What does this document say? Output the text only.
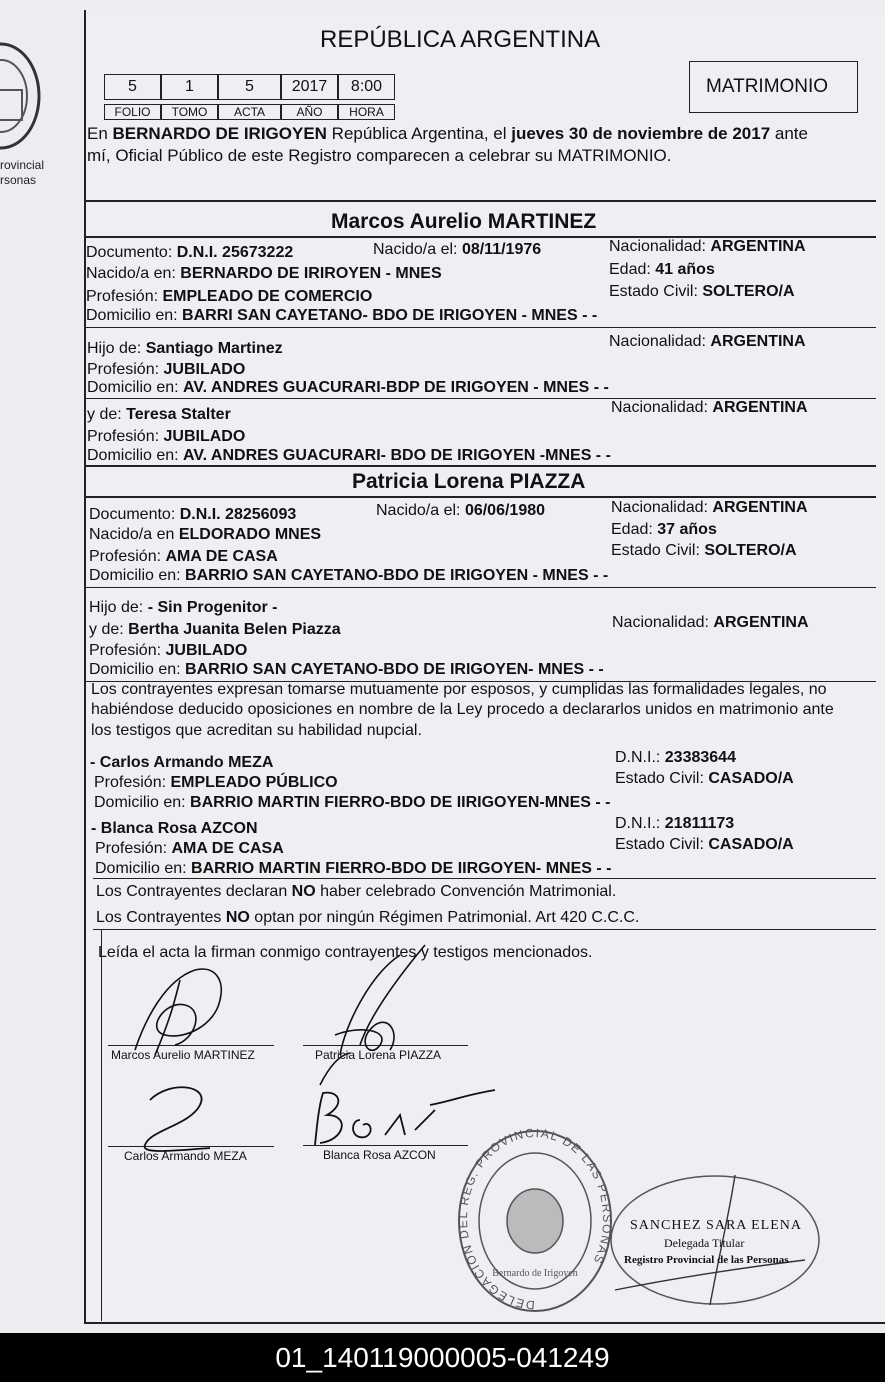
rovincial
rsonas
REPÚBLICA ARGENTINA
MATRIMONIO
5	1	5	2017	8:00
FOLIO	TOMO	ACTA	AÑO	HORA
En BERNARDO DE IRIGOYEN República Argentina, el jueves 30 de noviembre de 2017 ante
mí, Oficial Público de este Registro comparecen a celebrar su MATRIMONIO.
Marcos Aurelio MARTINEZ
Documento: D.N.I. 25673222	Nacido/a el: 08/11/1976	Nacionalidad: ARGENTINA
Nacido/a en: BERNARDO DE IRIROYEN - MNES	Edad: 41 años
Profesión: EMPLEADO DE COMERCIO	Estado Civil: SOLTERO/A
Domicilio en: BARRI SAN CAYETANO- BDO DE IRIGOYEN - MNES - -
Hijo de: Santiago Martinez	Nacionalidad: ARGENTINA
Profesión: JUBILADO
Domicilio en: AV. ANDRES GUACURARI-BDP DE IRIGOYEN - MNES - -
y de: Teresa Stalter	Nacionalidad: ARGENTINA
Profesión: JUBILADO
Domicilio en: AV. ANDRES GUACURARI- BDO DE IRIGOYEN -MNES - -
Patricia Lorena PIAZZA
Documento: D.N.I. 28256093	Nacido/a el: 06/06/1980	Nacionalidad: ARGENTINA
Nacido/a en ELDORADO MNES	Edad: 37 años
Profesión: AMA DE CASA	Estado Civil: SOLTERO/A
Domicilio en: BARRIO SAN CAYETANO-BDO DE IRIGOYEN - MNES - -
Hijo de: - Sin Progenitor -
y de: Bertha Juanita Belen Piazza	Nacionalidad: ARGENTINA
Profesión: JUBILADO
Domicilio en: BARRIO SAN CAYETANO-BDO DE IRIGOYEN- MNES - -
Los contrayentes expresan tomarse mutuamente por esposos, y cumplidas las formalidades legales, no
habiéndose deducido oposiciones en nombre de la Ley procedo a declararlos unidos en matrimonio ante
los testigos que acreditan su habilidad nupcial.
- Carlos Armando MEZA	D.N.I.: 23383644
Profesión: EMPLEADO PÚBLICO	Estado Civil: CASADO/A
Domicilio en: BARRIO MARTIN FIERRO-BDO DE IIRIGOYEN-MNES - -
- Blanca Rosa AZCON	D.N.I.: 21811173
Profesión: AMA DE CASA	Estado Civil: CASADO/A
Domicilio en: BARRIO MARTIN FIERRO-BDO DE IIRGOYEN- MNES - -
Los Contrayentes declaran NO haber celebrado Convención Matrimonial.
Los Contrayentes NO optan por ningún Régimen Patrimonial. Art 420 C.C.C.
Leída el acta la firman conmigo contrayentes y testigos mencionados.
Marcos Aurelio MARTINEZ	Patricia Lorena PIAZZA
Carlos Armando MEZA	Blanca Rosa AZCON
DELEGACION DEL REG. PROVINCIAL DE LAS PERSONAS
Bernardo de Irigoyen
SANCHEZ SARA ELENA
Delegada Titular
Registro Provincial de las Personas
01_140119000005-041249
